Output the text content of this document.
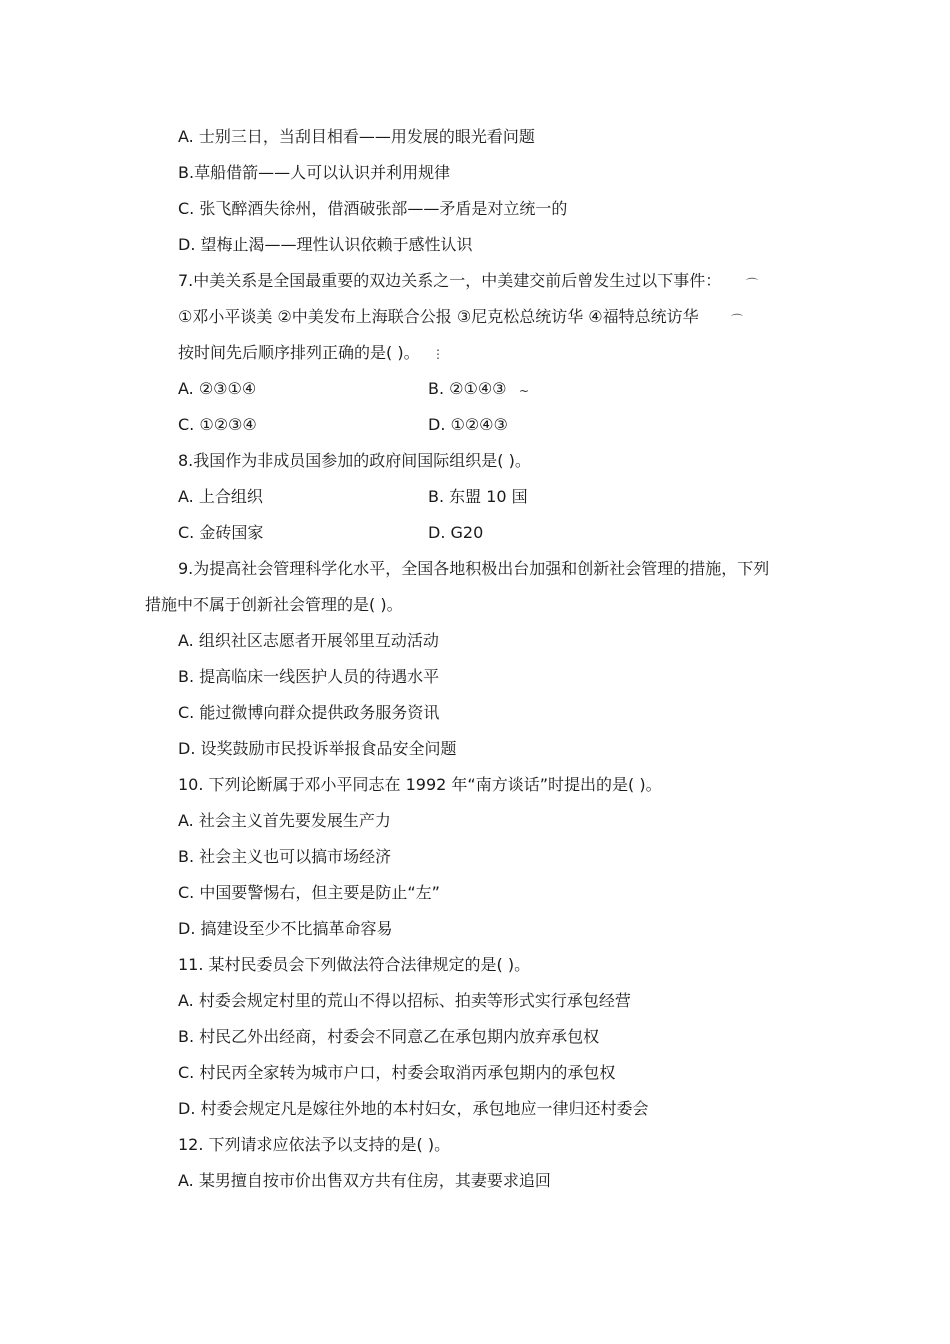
A. 士别三日，当刮目相看——用发展的眼光看问题
B.草船借箭——人可以认识并利用规律
C. 张飞醉酒失徐州，借酒破张部——矛盾是对立统一的
D. 望梅止渴——理性认识依赖于感性认识
7.中美关系是全国最重要的双边关系之一，中美建交前后曾发生过以下事件： ⌒
①邓小平谈美 ②中美发布上海联合公报 ③尼克松总统访华 ④福特总统访华	⌒
按时间先后顺序排列正确的是( )。 ⋮
A. ②③①④	B. ②①④③ ~
C. ①②③④	D. ①②④③
8.我国作为非成员国参加的政府间国际组织是( )。
A. 上合组织	B. 东盟 10 国
C. 金砖国家	D. G20
9.为提高社会管理科学化水平，全国各地积极出台加强和创新社会管理的措施，下列
措施中不属于创新社会管理的是( )。
A. 组织社区志愿者开展邻里互动活动
B. 提高临床一线医护人员的待遇水平
C. 能过微博向群众提供政务服务资讯
D. 设奖鼓励市民投诉举报食品安全问题
10. 下列论断属于邓小平同志在 1992 年“南方谈话”时提出的是( )。
A. 社会主义首先要发展生产力
B. 社会主义也可以搞市场经济
C. 中国要警惕右，但主要是防止“左”
D. 搞建设至少不比搞革命容易
11. 某村民委员会下列做法符合法律规定的是( )。
A. 村委会规定村里的荒山不得以招标、拍卖等形式实行承包经营
B. 村民乙外出经商，村委会不同意乙在承包期内放弃承包权
C. 村民丙全家转为城市户口，村委会取消丙承包期内的承包权
D. 村委会规定凡是嫁往外地的本村妇女，承包地应一律归还村委会
12. 下列请求应依法予以支持的是( )。
A. 某男擅自按市价出售双方共有住房，其妻要求追回
